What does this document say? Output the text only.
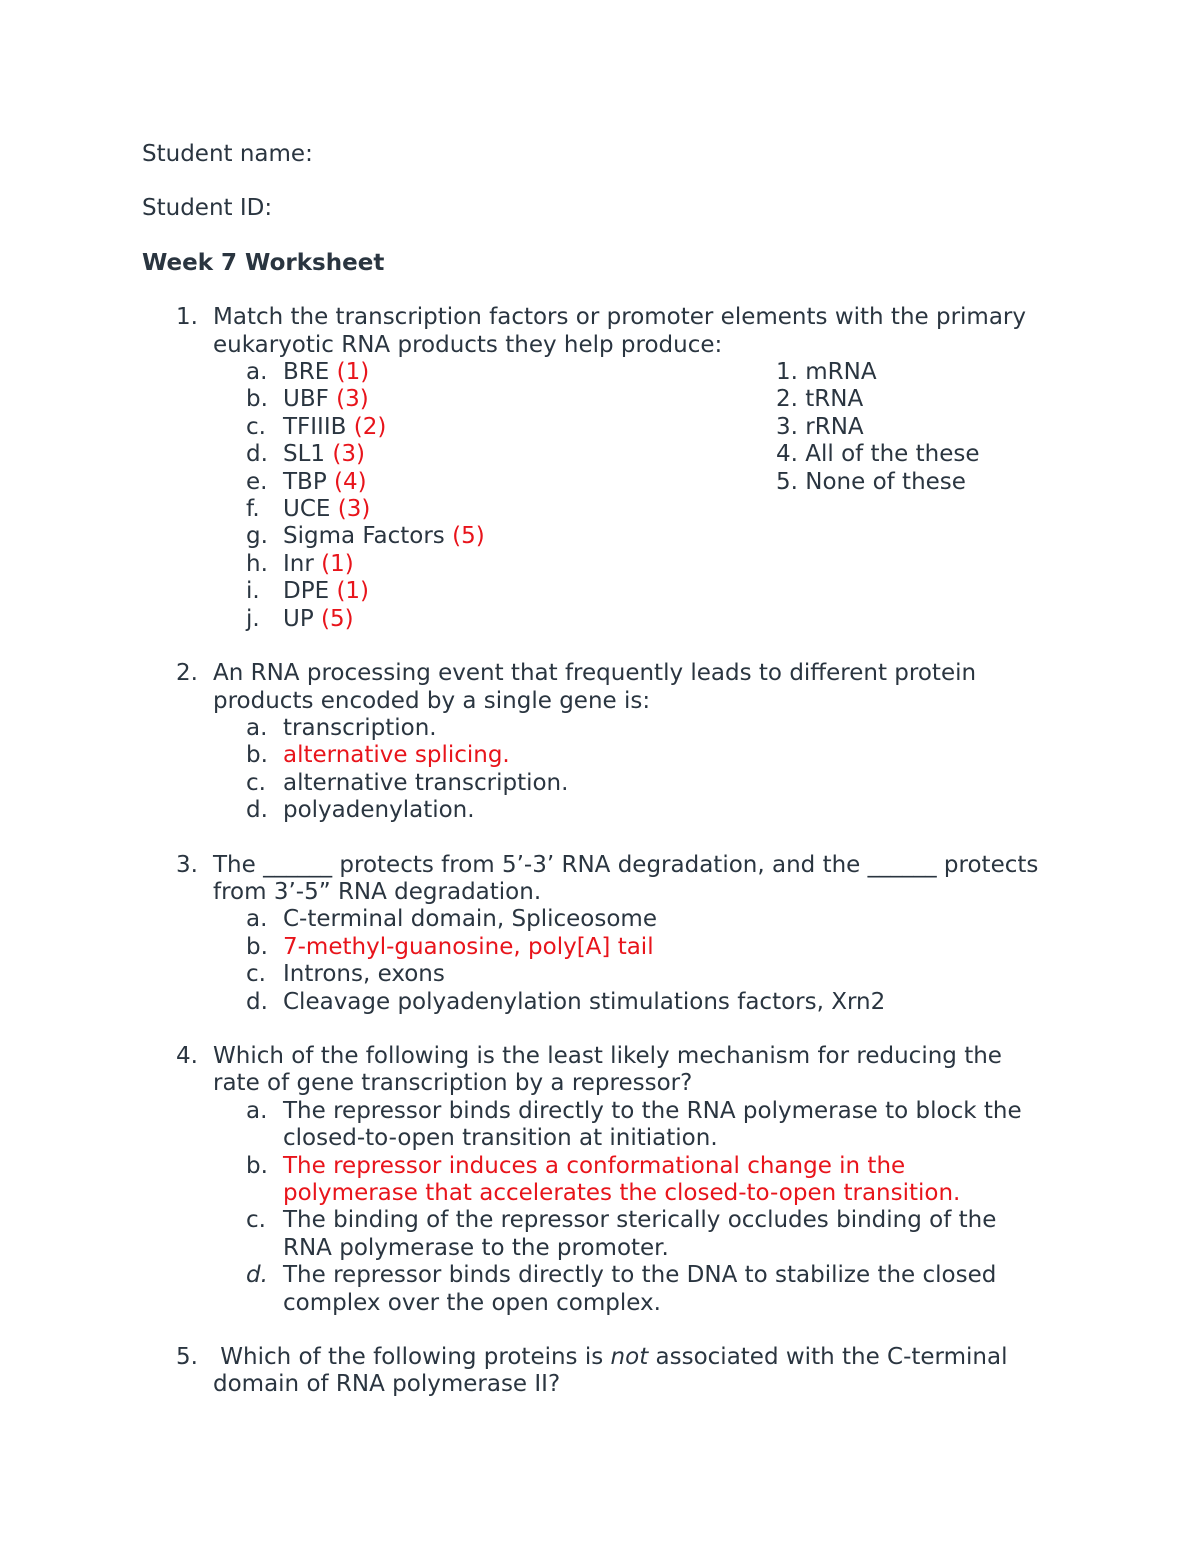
Student name:
Student ID:
Week 7 Worksheet
1. Match the transcription factors or promoter elements with the primary
eukaryotic RNA products they help produce:
a. BRE (1)
b. UBF (3)
c. TFIIIB (2)
d. SL1 (3)
e. TBP (4)
f. UCE (3)
g. Sigma Factors (5)
h. Inr (1)
i. DPE (1)
j. UP (5)
1. mRNA
2. tRNA
3. rRNA
4. All of the these
5. None of these
2. An RNA processing event that frequently leads to different protein
products encoded by a single gene is:
a. transcription.
b. alternative splicing.
c. alternative transcription.
d. polyadenylation.
3. The ______ protects from 5’-3’ RNA degradation, and the ______ protects
from 3’-5” RNA degradation.
a. C-terminal domain, Spliceosome
b. 7-methyl-guanosine, poly[A] tail
c. Introns, exons
d. Cleavage polyadenylation stimulations factors, Xrn2
4. Which of the following is the least likely mechanism for reducing the
rate of gene transcription by a repressor?
a. The repressor binds directly to the RNA polymerase to block the
closed-to-open transition at initiation.
b. The repressor induces a conformational change in the
polymerase that accelerates the closed-to-open transition.
c. The binding of the repressor sterically occludes binding of the
RNA polymerase to the promoter.
d. The repressor binds directly to the DNA to stabilize the closed
complex over the open complex.
5. Which of the following proteins is not associated with the C-terminal
domain of RNA polymerase II?
